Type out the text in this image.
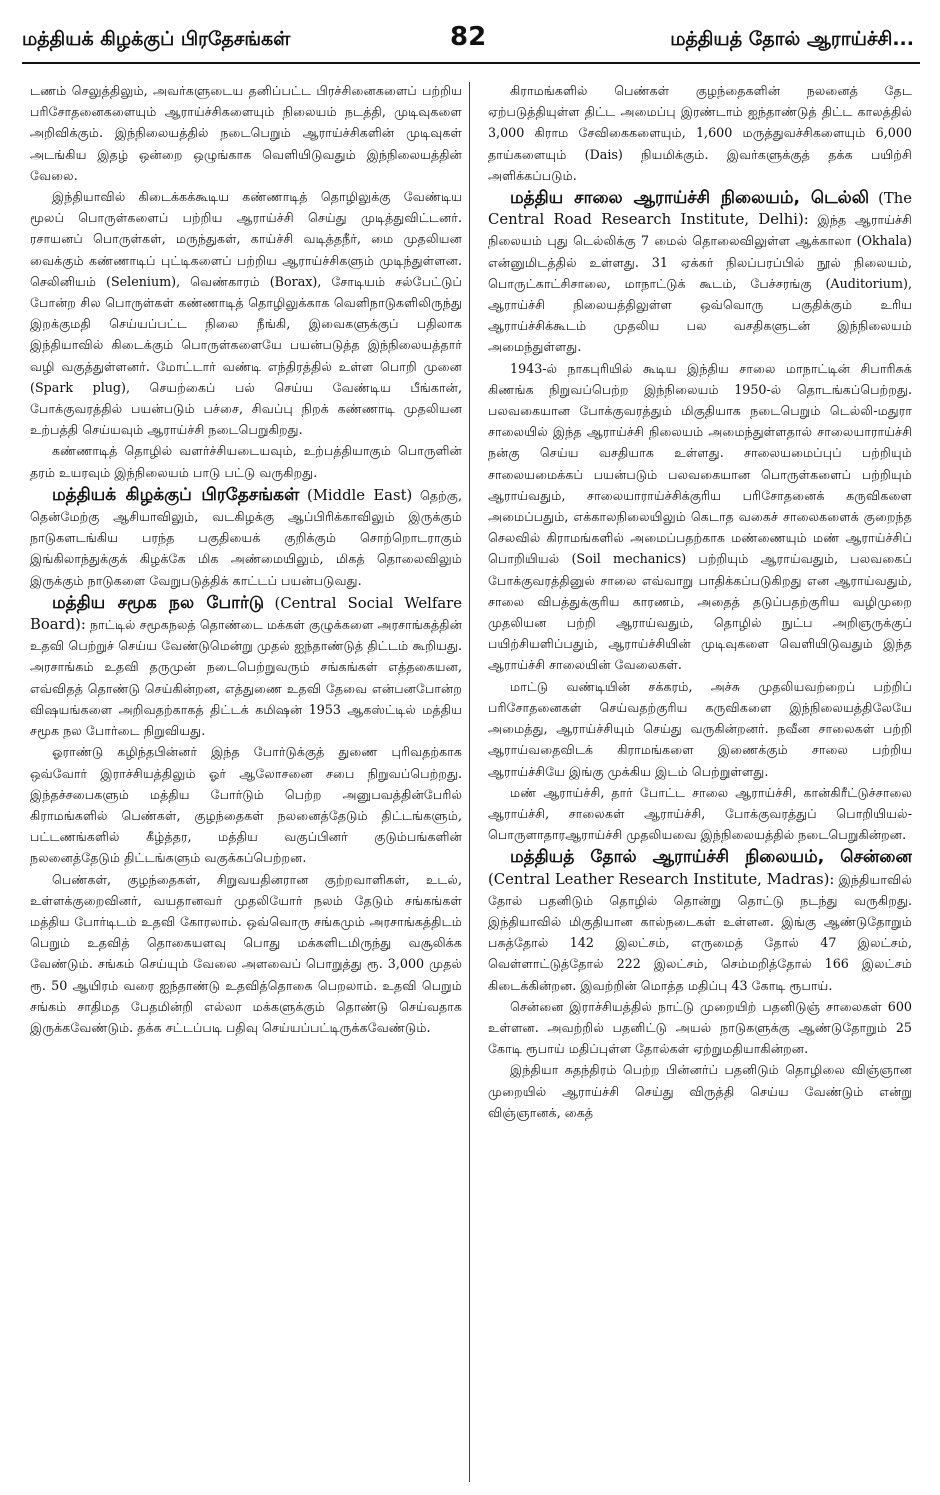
மத்தியக் கிழக்குப் பிரதேசங்கள்	82	மத்தியத் தோல் ஆராய்ச்சி...

டணம் செலுத்திலும், அவர்களுடைய தனிப்பட்ட பிரச்சினைகளைப் பற்றிய பரிசோதனைகளையும் ஆராய்ச்சிகளையும் நிலையம் நடத்தி, முடிவுகளை அறிவிக்கும். இந்நிலையத்தில் நடைபெறும் ஆராய்ச்சிகளின் முடிவுகள் அடங்கிய இதழ் ஒன்றை ஒழுங்காக வெளியிடுவதும் இந்நிலையத்தின் வேலை.

இந்தியாவில் கிடைக்கக்கூடிய கண்ணாடித் தொழிலுக்கு வேண்டிய மூலப் பொருள்களைப் பற்றிய ஆராய்ச்சி செய்து முடித்துவிட்டனர். ரசாயனப் பொருள்கள், மருந்துகள், காய்ச்சி வடித்தநீர், மை முதலியன வைக்கும் கண்ணாடிப் புட்டிகளைப் பற்றிய ஆராய்ச்சிகளும் முடிந்துள்ளன. செலினியம் (Selenium), வெண்காரம் (Borax), சோடியம் சல்பேட்டுப் போன்ற சில பொருள்கள் கண்ணாடித் தொழிலுக்காக வெளிநாடுகளிலிருந்து இறக்குமதி செய்யப்பட்ட நிலை நீங்கி, இவைகளுக்குப் பதிலாக இந்தியாவில் கிடைக்கும் பொருள்களையே பயன்படுத்த இந்நிலையத்தார் வழி வகுத்துள்ளனர். மோட்டார் வண்டி எந்திரத்தில் உள்ள பொறி முனை (Spark plug), செயற்கைப் பல் செய்ய வேண்டிய பீங்கான், போக்குவரத்தில் பயன்படும் பச்சை, சிவப்பு நிறக் கண்ணாடி முதலியன உற்பத்தி செய்யவும் ஆராய்ச்சி நடைபெறுகிறது.

கண்ணாடித் தொழில் வளர்ச்சியடையவும், உற்பத்தியாகும் பொருளின் தரம் உயரவும் இந்நிலையம் பாடு பட்டு வருகிறது.

மத்தியக் கிழக்குப் பிரதேசங்கள் (Middle East) தெற்கு, தென்மேற்கு ஆசியாவிலும், வடகிழக்கு ஆப்பிரிக்காவிலும் இருக்கும் நாடுகளடங்கிய பரந்த பகுதியைக் குறிக்கும் சொற்றொடராகும் இங்கிலாந்துக்குக் கிழக்கே மிக அண்மையிலும், மிகத் தொலைவிலும் இருக்கும் நாடுகளை வேறுபடுத்திக் காட்டப் பயன்படுவது.

மத்திய சமூக நல போர்டு (Central Social Welfare Board): நாட்டில் சமூகநலத் தொண்டை மக்கள் குழுக்களை அரசாங்கத்தின் உதவி பெற்றுச் செய்ய வேண்டுமென்று முதல் ஐந்தாண்டுத் திட்டம் கூறியது. அரசாங்கம் உதவி தருமுன் நடைபெற்றுவரும் சங்கங்கள் எத்தகையன, எவ்விதத் தொண்டு செய்கின்றன, எத்துணை உதவி தேவை என்பனபோன்ற விஷயங்களை அறிவதற்காகத் திட்டக் கமிஷன் 1953 ஆகஸ்ட்டில் மத்திய சமூக நல போர்டை நிறுவியது.

ஓராண்டு கழிந்தபின்னர் இந்த போர்டுக்குத் துணை புரிவதற்காக ஒவ்வோர் இராச்சியத்திலும் ஓர் ஆலோசனை சபை நிறுவப்பெற்றது. இந்தச்சபைகளும் மத்திய போர்டும் பெற்ற அனுபவத்தின்பேரில் கிராமங்களில் பெண்கள், குழந்தைகள் நலனைத்தேடும் திட்டங்களும், பட்டணங்களில் கீழ்த்தர, மத்திய வகுப்பினர் குடும்பங்களின் நலனைத்தேடும் திட்டங்களும் வகுக்கப்பெற்றன.

பெண்கள், குழந்தைகள், சிறுவயதினரான குற்றவாளிகள், உடல், உள்ளக்குறைவினர், வயதானவர் முதலியோர் நலம் தேடும் சங்கங்கள் மத்திய போர்டிடம் உதவி கோரலாம். ஒவ்வொரு சங்கமும் அரசாங்கத்திடம் பெறும் உதவித் தொகையளவு பொது மக்களிடமிருந்து வசூலிக்க வேண்டும். சங்கம் செய்யும் வேலை அளவைப் பொறுத்து ரூ. 3,000 முதல் ரூ. 50 ஆயிரம் வரை ஐந்தாண்டு உதவித்தொகை பெறலாம். உதவி பெறும் சங்கம் சாதிமத பேதமின்றி எல்லா மக்களுக்கும் தொண்டு செய்வதாக இருக்கவேண்டும். தக்க சட்டப்படி பதிவு செய்யப்பட்டிருக்கவேண்டும்.

கிராமங்களில் பெண்கள் குழந்தைகளின் நலனைத் தேட ஏற்படுத்தியுள்ள திட்ட அமைப்பு இரண்டாம் ஐந்தாண்டுத் திட்ட காலத்தில் 3,000 கிராம சேவிகைகளையும், 1,600 மருத்துவச்சிகளையும் 6,000 தாய்களையும் (Dais) நியமிக்கும். இவர்களுக்குத் தக்க பயிற்சி அளிக்கப்படும்.

மத்திய சாலை ஆராய்ச்சி நிலையம், டெல்லி (The Central Road Research Institute, Delhi): இந்த ஆராய்ச்சி நிலையம் புது டெல்லிக்கு 7 மைல் தொலைவிலுள்ள ஆக்காலா (Okhala) என்னுமிடத்தில் உள்ளது. 31 ஏக்கர் நிலப்பரப்பில் நூல் நிலையம், பொருட்காட்சிசாலை, மாநாட்டுக் கூடம், பேச்சரங்கு (Auditorium), ஆராய்ச்சி நிலையத்திலுள்ள ஒவ்வொரு பகுதிக்கும் உரிய ஆராய்ச்சிக்கூடம் முதலிய பல வசதிகளுடன் இந்நிலையம் அமைந்துள்ளது.

1943-ல் நாகபுரியில் கூடிய இந்திய சாலை மாநாட்டின் சிபாரிசுக் கிணங்க நிறுவப்பெற்ற இந்நிலையம் 1950-ல் தொடங்கப்பெற்றது. பலவகையான போக்குவரத்தும் மிகுதியாக நடைபெறும் டெல்லி-மதுரா சாலையில் இந்த ஆராய்ச்சி நிலையம் அமைந்துள்ளதால் சாலையாராய்ச்சி நன்கு செய்ய வசதியாக உள்ளது. சாலையமைப்புப் பற்றியும் சாலையமைக்கப் பயன்படும் பலவகையான பொருள்களைப் பற்றியும் ஆராய்வதும், சாலையாராய்ச்சிக்குரிய பரிசோதனைக் கருவிகளை அமைப்பதும், எக்காலநிலையிலும் கெடாத வகைச் சாலைகளைக் குறைந்த செலவில் கிராமங்களில் அமைப்பதற்காக மண்ணையும் மண் ஆராய்ச்சிப் பொறியியல் (Soil mechanics) பற்றியும் ஆராய்வதும், பலவகைப் போக்குவரத்தினுல் சாலை எவ்வாறு பாதிக்கப்படுகிறது என ஆராய்வதும், சாலை விபத்துக்குரிய காரணம், அதைத் தடுப்பதற்குரிய வழிமுறை முதலியன பற்றி ஆராய்வதும், தொழில் நுட்ப அறிஞருக்குப் பயிற்சியளிப்பதும், ஆராய்ச்சியின் முடிவுகளை வெளியிடுவதும் இந்த ஆராய்ச்சி சாலையின் வேலைகள்.

மாட்டு வண்டியின் சக்கரம், அச்சு முதலியவற்றைப் பற்றிப் பரிசோதனைகள் செய்வதற்குரிய கருவிகளை இந்நிலையத்திலேயே அமைத்து, ஆராய்ச்சியும் செய்து வருகின்றனர். நவீன சாலைகள் பற்றி ஆராய்வதைவிடக் கிராமங்களை இணைக்கும் சாலை பற்றிய ஆராய்ச்சியே இங்கு முக்கிய இடம் பெற்றுள்ளது.

மண் ஆராய்ச்சி, தார் போட்ட சாலை ஆராய்ச்சி, கான்கிரீட்டுச்சாலை ஆராய்ச்சி, சாலைகள் ஆராய்ச்சி, போக்குவரத்துப் பொறியியல்-பொருளாதாரஆராய்ச்சி முதலியவை இந்நிலையத்தில் நடைபெறுகின்றன.

மத்தியத் தோல் ஆராய்ச்சி நிலையம், சென்னை (Central Leather Research Institute, Madras): இந்தியாவில் தோல் பதனிடும் தொழில் தொன்று தொட்டு நடந்து வருகிறது. இந்தியாவில் மிகுதியான கால்நடைகள் உள்ளன. இங்கு ஆண்டுதோறும் பசுத்தோல் 142 இலட்சம், எருமைத் தோல் 47 இலட்சம், வெள்ளாட்டுத்தோல் 222 இலட்சம், செம்மறித்தோல் 166 இலட்சம் கிடைக்கின்றன. இவற்றின் மொத்த மதிப்பு 43 கோடி ரூபாய்.

சென்னை இராச்சியத்தில் நாட்டு முறையிற் பதனிடுஞ் சாலைகள் 600 உள்ளன. அவற்றில் பதனிட்டு அயல் நாடுகளுக்கு ஆண்டுதோறும் 25 கோடி ரூபாய் மதிப்புள்ள தோல்கள் ஏற்றுமதியாகின்றன.

இந்தியா சுதந்திரம் பெற்ற பின்னர்ப் பதனிடும் தொழிலை விஞ்ஞான முறையில் ஆராய்ச்சி செய்து விருத்தி செய்ய வேண்டும் என்று விஞ்ஞானக், கைத்
